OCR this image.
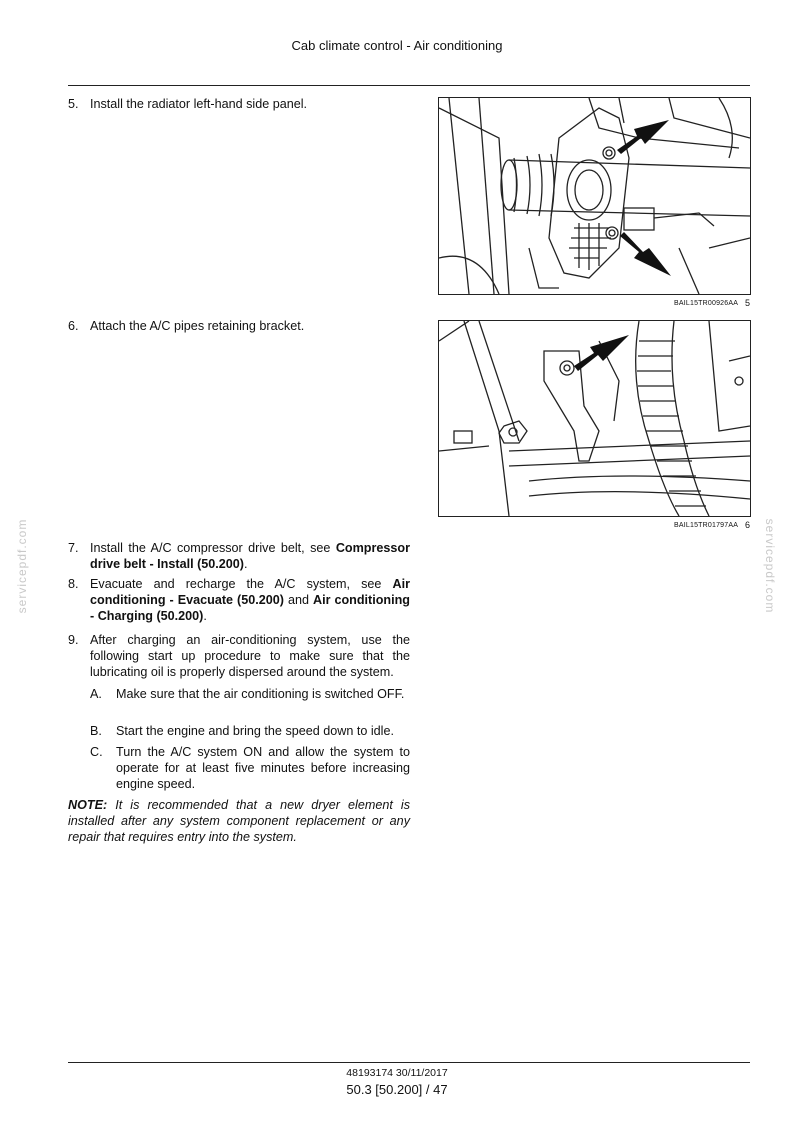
Cab climate control - Air conditioning
5. Install the radiator left-hand side panel.
BAIL15TR00926AA 5
6. Attach the A/C pipes retaining bracket.
BAIL15TR01797AA 6
7. Install the A/C compressor drive belt, see Compressor drive belt - Install (50.200).
8. Evacuate and recharge the A/C system, see Air conditioning - Evacuate (50.200) and Air conditioning - Charging (50.200).
9. After charging an air-conditioning system, use the following start up procedure to make sure that the lubricating oil is properly dispersed around the system.
A. Make sure that the air conditioning is switched OFF.
B. Start the engine and bring the speed down to idle.
C. Turn the A/C system ON and allow the system to operate for at least five minutes before increasing engine speed.
NOTE: It is recommended that a new dryer element is installed after any system component replacement or any repair that requires entry into the system.
servicepdf.com	servicepdf.com
48193174 30/11/2017
50.3 [50.200] / 47
